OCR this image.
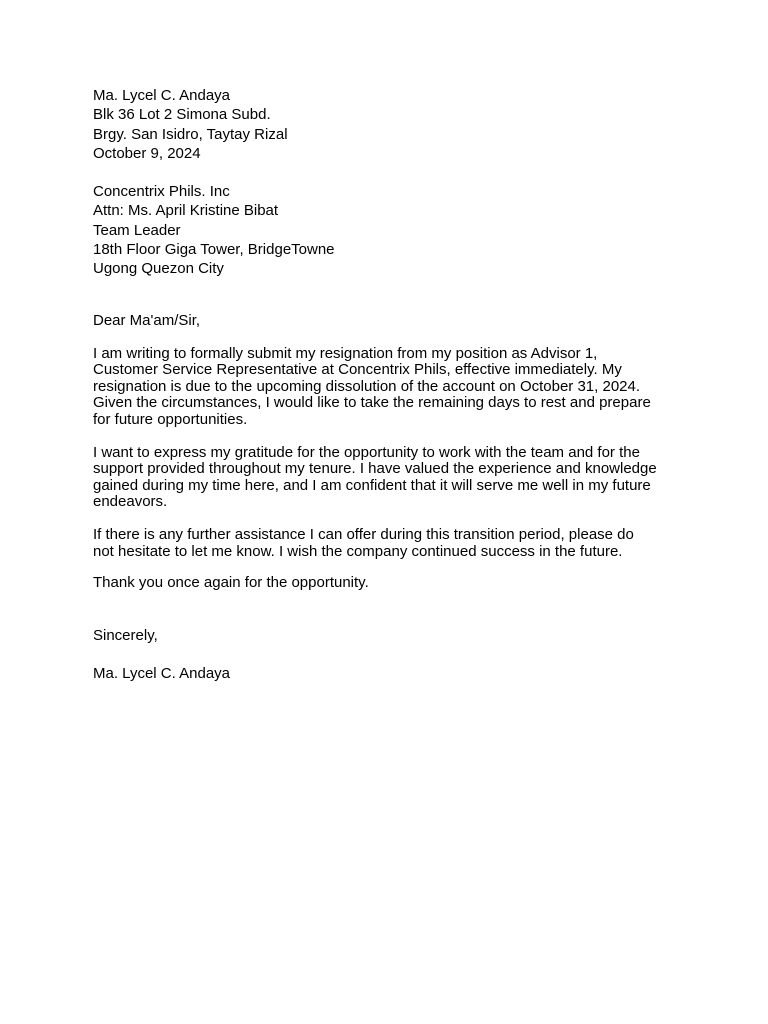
Ma. Lycel C. Andaya
Blk 36 Lot 2 Simona Subd.
Brgy. San Isidro, Taytay Rizal
October 9, 2024
Concentrix Phils. Inc
Attn: Ms. April Kristine Bibat
Team Leader
18th Floor Giga Tower, BridgeTowne
Ugong Quezon City
Dear Ma'am/Sir,
I am writing to formally submit my resignation from my position as Advisor 1,
Customer Service Representative at Concentrix Phils, effective immediately. My
resignation is due to the upcoming dissolution of the account on October 31, 2024.
Given the circumstances, I would like to take the remaining days to rest and prepare
for future opportunities.
I want to express my gratitude for the opportunity to work with the team and for the
support provided throughout my tenure. I have valued the experience and knowledge
gained during my time here, and I am confident that it will serve me well in my future
endeavors.
If there is any further assistance I can offer during this transition period, please do
not hesitate to let me know. I wish the company continued success in the future.
Thank you once again for the opportunity.
Sincerely,
Ma. Lycel C. Andaya
